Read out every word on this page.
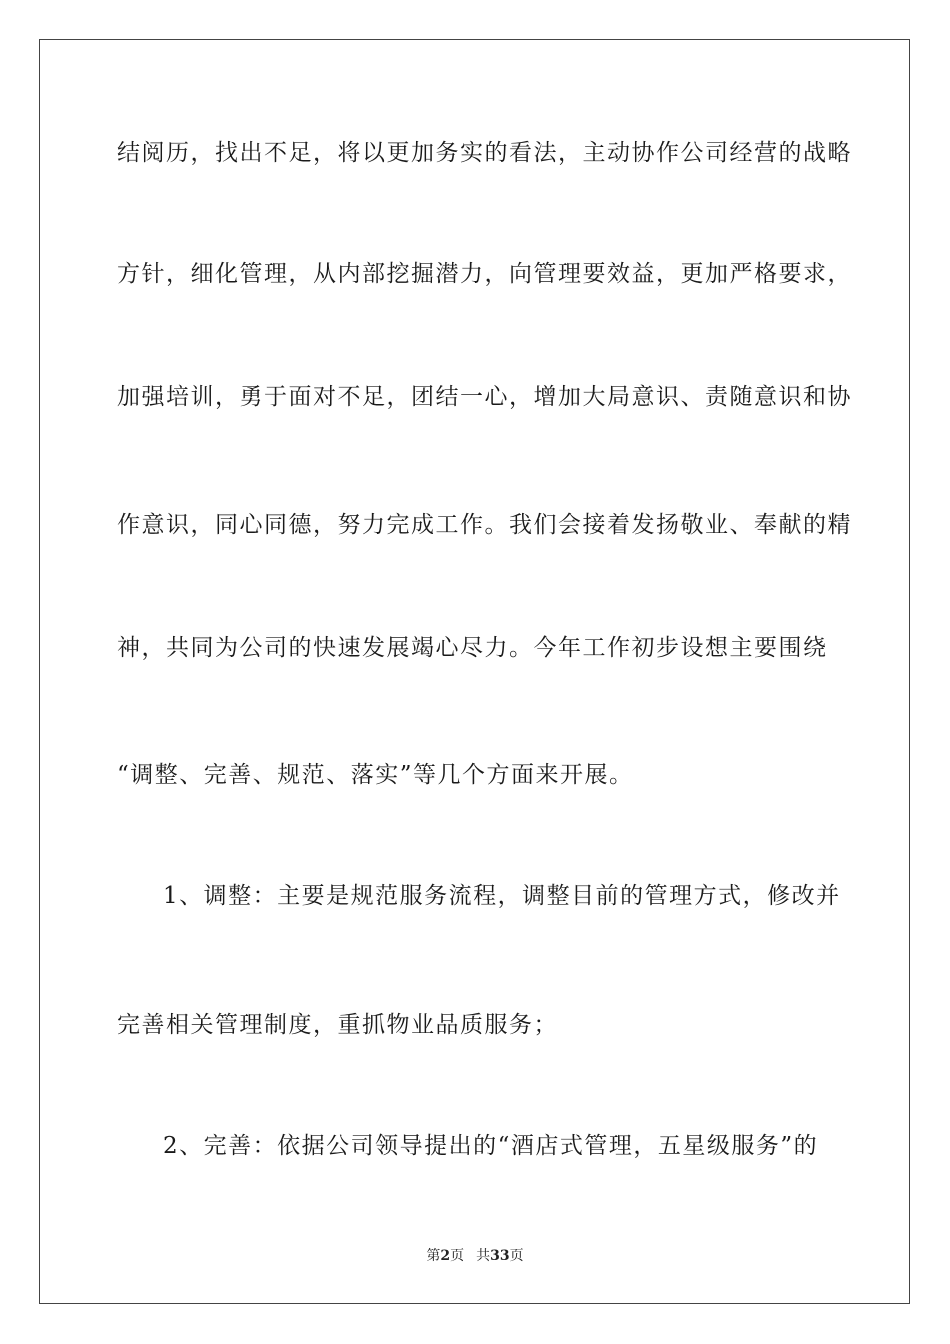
结阅历，找出不足，将以更加务实的看法，主动协作公司经营的战略
方针，细化管理，从内部挖掘潜力，向管理要效益，更加严格要求，
加强培训，勇于面对不足，团结一心，增加大局意识、责随意识和协
作意识，同心同德，努力完成工作。我们会接着发扬敬业、奉献的精
神，共同为公司的快速发展竭心尽力。今年工作初步设想主要围绕
“调整、完善、规范、落实”等几个方面来开展。
1、调整：主要是规范服务流程，调整目前的管理方式，修改并
完善相关管理制度，重抓物业品质服务；
2、完善：依据公司领导提出的“酒店式管理，五星级服务”的
第2页 共33页
